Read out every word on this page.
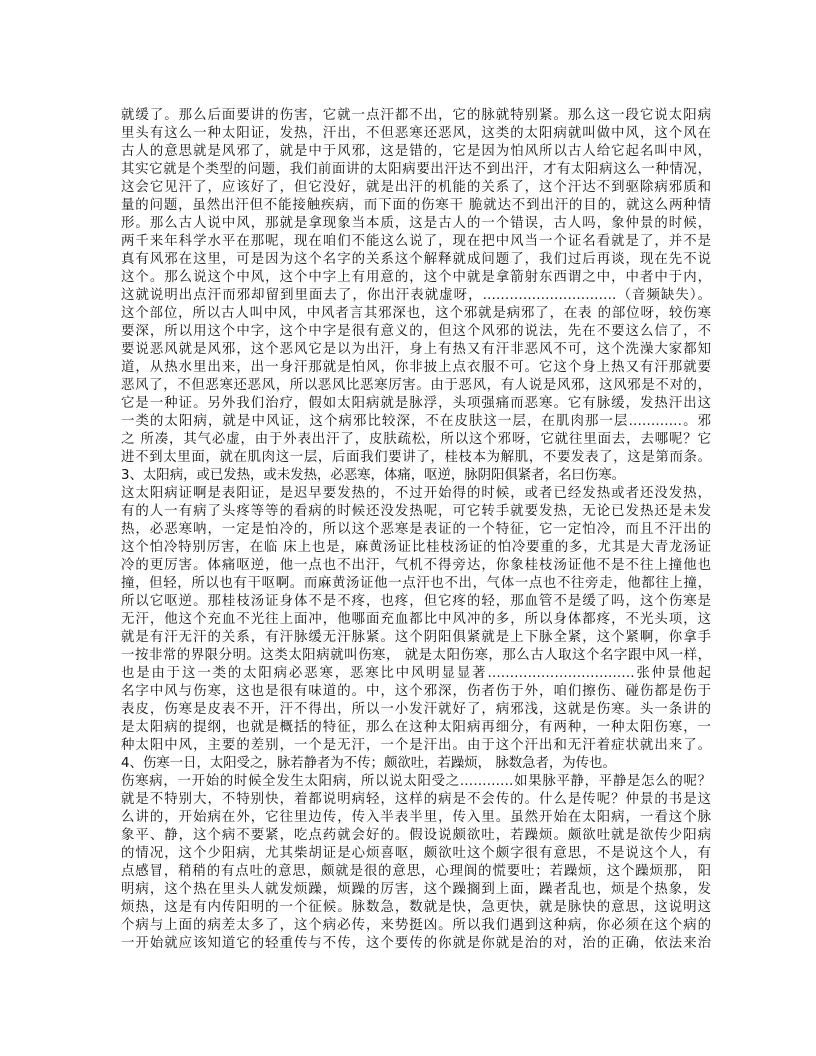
就缓了。那么后面要讲的伤害，它就一点汗都不出，它的脉就特别紧。那么这一段它说太阳病
里头有这么一种太阳证，发热，汗出，不但恶寒还恶风，这类的太阳病就叫做中风，这个风在
古人的意思就是风邪了，就是中于风邪，这是错的，它是因为怕风所以古人给它起名叫中风，
其实它就是个类型的问题，我们前面讲的太阳病要出汗达不到出汗，才有太阳病这么一种情况，
这会它见汗了，应该好了，但它没好，就是出汗的机能的关系了，这个汗达不到驱除病邪质和
量的问题，虽然出汗但不能接触疾病，而下面的伤寒干 脆就达不到出汗的目的，就这么两种情
形。那么古人说中风，那就是拿现象当本质，这是古人的一个错误，古人吗，象仲景的时候，
两千来年科学水平在那呢，现在咱们不能这么说了，现在把中风当一个证名看就是了，并不是
真有风邪在这里，可是因为这个名字的关系这个解释就成问题了，我们过后再谈，现在先不说
这个。那么说这个中风，这个中字上有用意的，这个中就是拿箭射东西谓之中，中者中于内，
这就说明出点汗而邪却留到里面去了，你出汗表就虚呀，…………………………（音频缺失）。
这个部位，所以古人叫中风，中风者言其邪深也，这个邪就是病邪了，在表 的部位呀，较伤寒
要深，所以用这个中字，这个中字是很有意义的，但这个风邪的说法，先在不要这么信了，不
要说恶风就是风邪，这个恶风它是以为出汗，身上有热又有汗非恶风不可，这个洗澡大家都知
道，从热水里出来，出一身汗那就是怕风，你非披上点衣服不可。它这个身上热又有汗那就要
恶风了，不但恶寒还恶风，所以恶风比恶寒厉害。由于恶风，有人说是风邪，这风邪是不对的，
它是一种证。另外我们治疗，假如太阳病就是脉浮，头项强痛而恶寒。它有脉缓，发热汗出这
一类的太阳病，就是中风证，这个病邪比较深，不在皮肤这一层，在肌肉那一层…………。邪
之 所凑，其气必虚，由于外表出汗了，皮肤疏松，所以这个邪呀，它就往里面去，去哪呢？它
进不到太里面，就在肌肉这一层，后面我们要讲了，桂枝本为解肌，不要发表了，这是第而条。
3、太阳病，或已发热，或未发热，必恶寒，体痛，呕逆，脉阴阳俱紧者，名曰伤寒。
这太阳病证啊是表阳证，是迟早要发热的，不过开始得的时候，或者已经发热或者还没发热，
有的人一有病了头疼等等的看病的时候还没发热呢，可它转手就要发热，无论已发热还是未发
热，必恶寒呐，一定是怕冷的，所以这个恶寒是表证的一个特征，它一定怕冷，而且不汗出的
这个怕冷特别厉害，在临 床上也是，麻黄汤证比桂枝汤证的怕冷要重的多，尤其是大青龙汤证
冷的更厉害。体痛呕逆，他一点也不出汗，气机不得旁达，你象桂枝汤证他不是不往上撞他也
撞，但轻，所以也有干呕啊。而麻黄汤证他一点汗也不出，气体一点也不往旁走，他都往上撞，
所以它呕逆。那桂枝汤证身体不是不疼，也疼，但它疼的轻，那血管不是缓了吗，这个伤寒是
无汗，他这个充血不光往上面冲，他哪面充血都比中风冲的多，所以身体都疼，不光头项，这
就是有汗无汗的关系，有汗脉缓无汗脉紧。这个阴阳俱紧就是上下脉全紧，这个紧啊，你拿手
一按非常的界限分明。这类太阳病就叫伤寒， 就是太阳伤寒，那么古人取这个名字跟中风一样，
也是由于这一类的太阳病必恶寒，恶寒比中风明显显著……………………………张仲景他起
名字中风与伤寒，这也是很有味道的。中，这个邪深，伤者伤于外，咱们擦伤、碰伤都是伤于
表皮，伤寒是皮表不开，汗不得出，所以一小发汗就好了，病邪浅，这就是伤寒。头一条讲的
是太阳病的提纲，也就是概括的特征，那么在这种太阳病再细分，有两种，一种太阳伤寒，一
种太阳中风，主要的差别，一个是无汗，一个是汗出。由于这个汗出和无汗着症状就出来了。
4、伤寒一日，太阳受之，脉若静者为不传；颇欲吐，若躁烦， 脉数急者，为传也。
伤寒病，一开始的时候全发生太阳病，所以说太阳受之…………如果脉平静，平静是怎么的呢？
就是不特别大，不特别快，着都说明病轻，这样的病是不会传的。什么是传呢？仲景的书是这
么讲的，开始病在外，它往里边传，传入半表半里，传入里。虽然开始在太阳病，一看这个脉
象平、静，这个病不要紧，吃点药就会好的。假设说颇欲吐，若躁烦。颇欲吐就是欲传少阳病
的情况，这个少阳病，尤其柴胡证是心烦喜呕，颇欲吐这个颇字很有意思，不是说这个人，有
点感冒，稍稍的有点吐的意思，颇就是很的意思，心理阆的慌要吐；若躁烦，这个躁烦那， 阳
明病，这个热在里头人就发烦躁，烦躁的厉害，这个躁搁到上面，躁者乱也，烦是个热象，发
烦热，这是有内传阳明的一个征候。脉数急，数就是快，急更快，就是脉快的意思，这说明这
个病与上面的病差太多了，这个病必传，来势挺凶。所以我们遇到这种病，你必须在这个病的
一开始就应该知道它的轻重传与不传，这个要传的你就是你就是治的对，治的正确，依法来治
